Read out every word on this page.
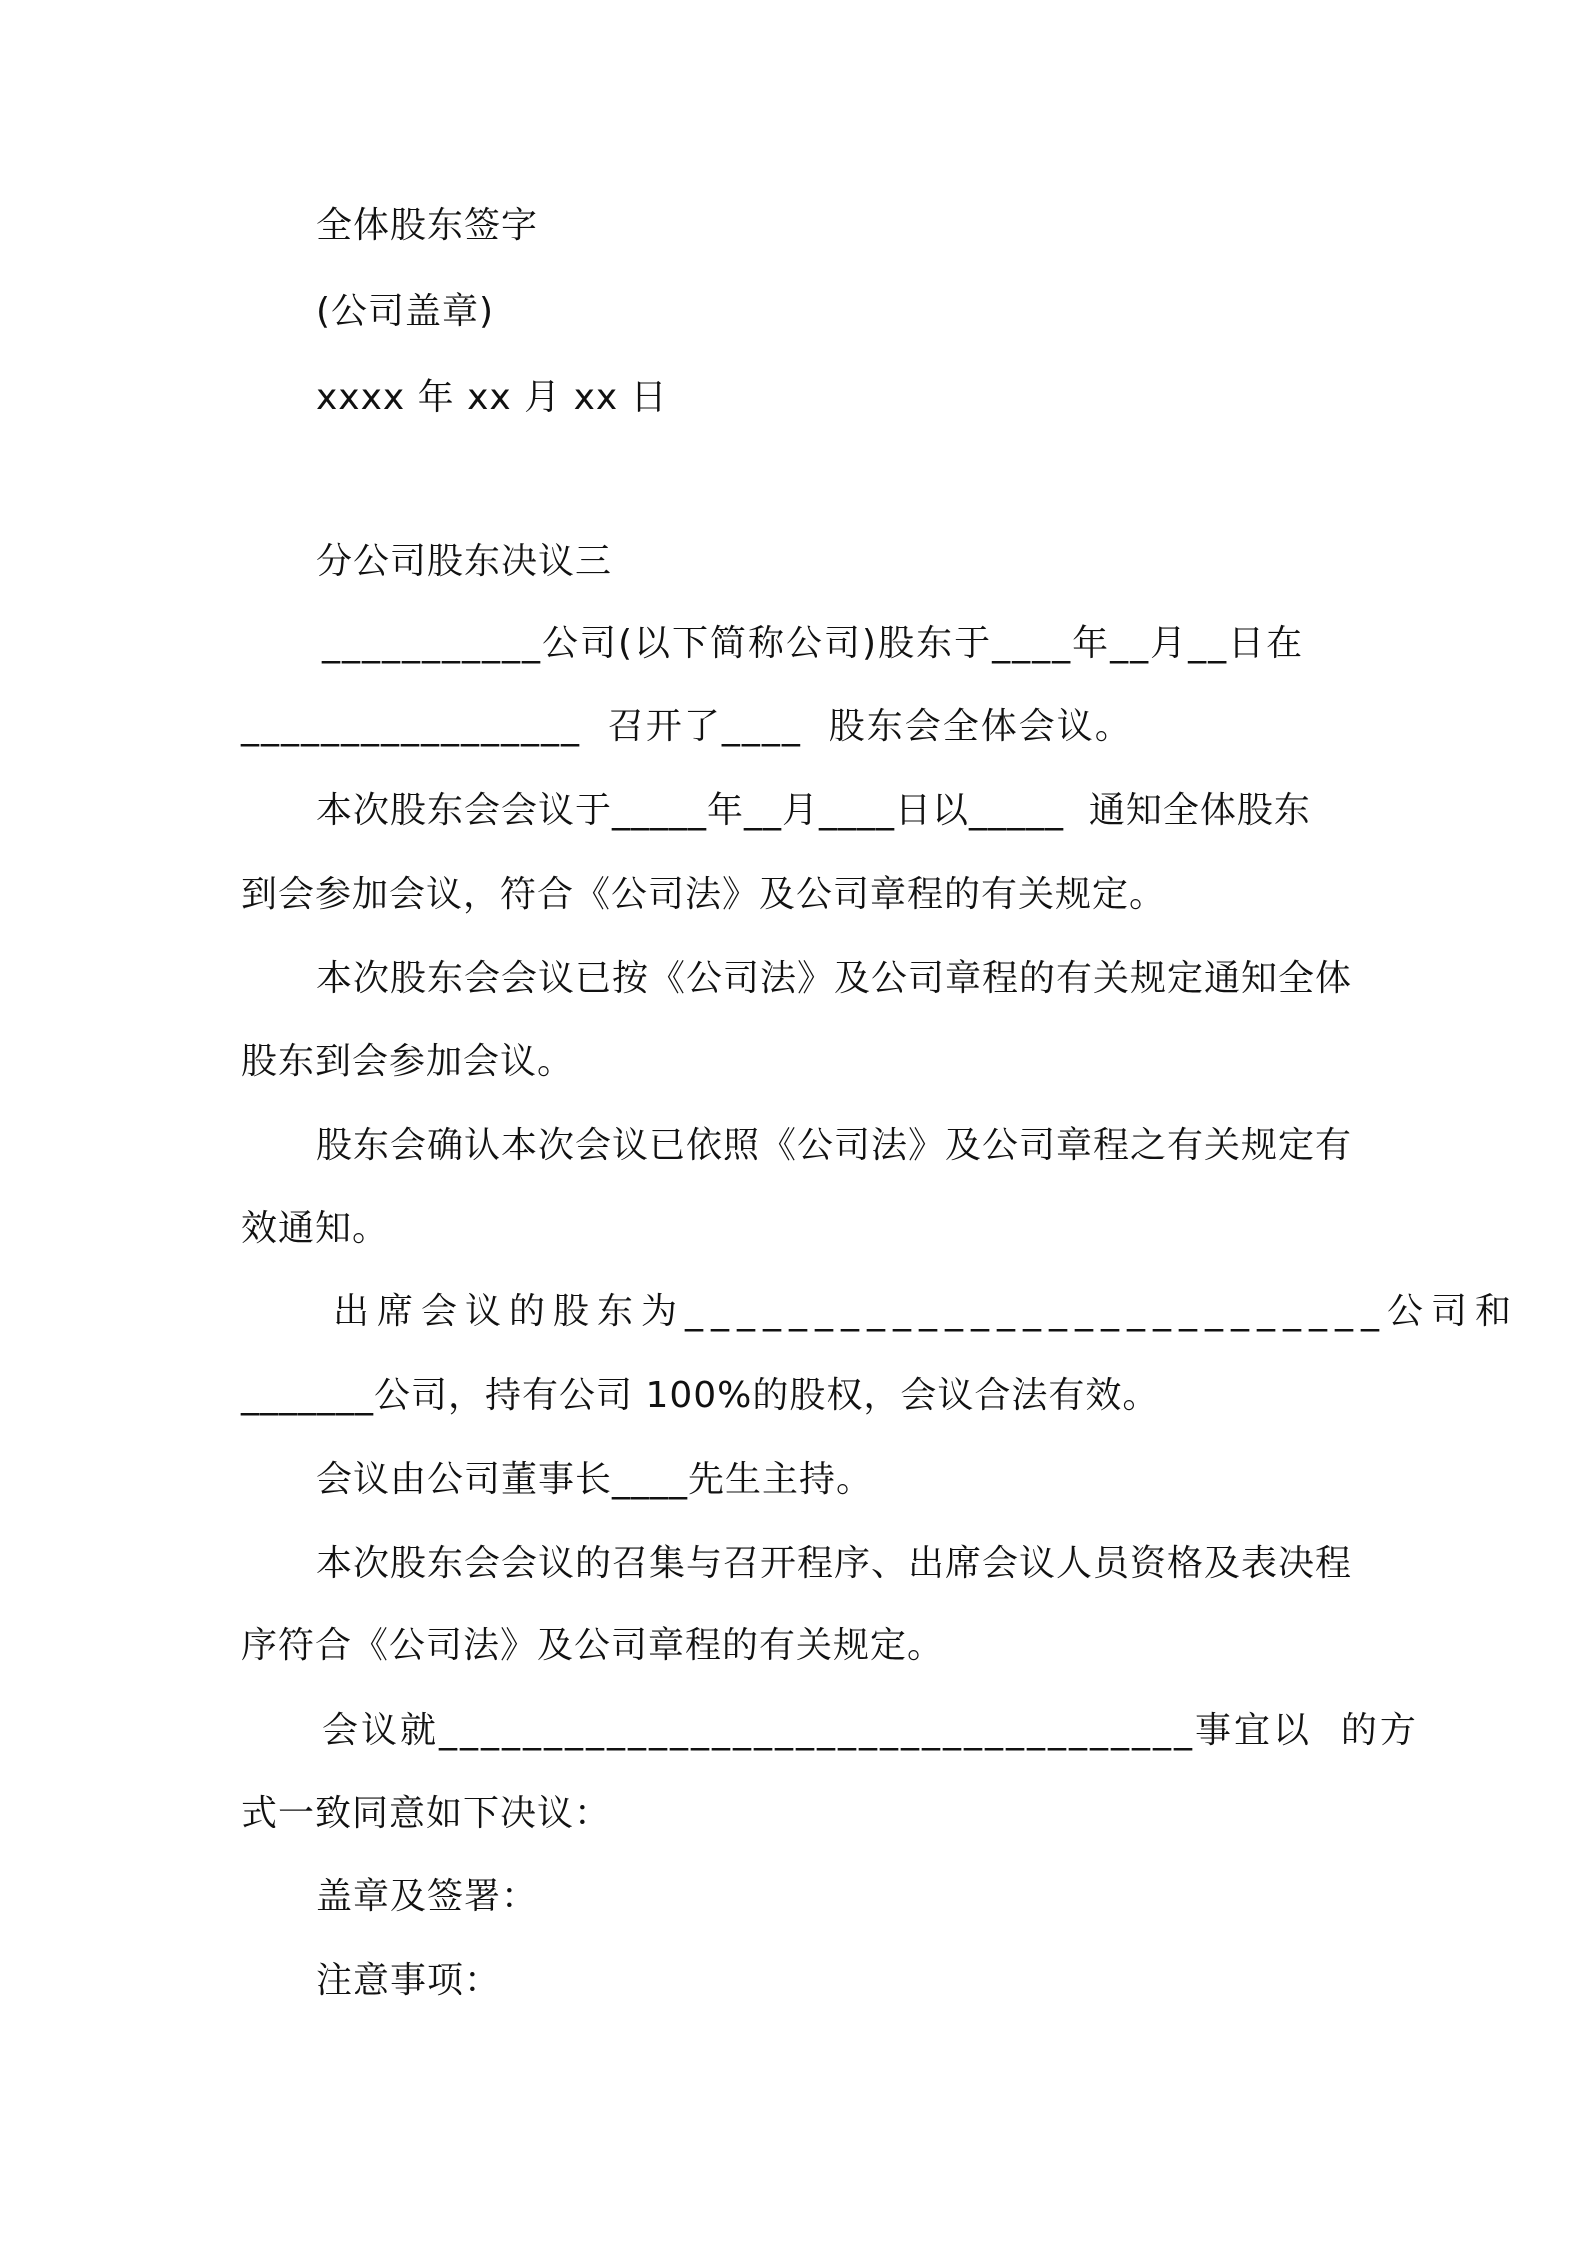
全体股东签字
(公司盖章)
xxxx 年 xx 月 xx 日
分公司股东决议三
___________公司(以下简称公司)股东于____年__月__日在
_________________  召开了____  股东会全体会议。
本次股东会会议于_____年__月____日以_____  通知全体股东
到会参加会议，符合《公司法》及公司章程的有关规定。
本次股东会会议已按《公司法》及公司章程的有关规定通知全体
股东到会参加会议。
股东会确认本次会议已依照《公司法》及公司章程之有关规定有
效通知。
出席会议的股东为___________________________公司和
_______公司，持有公司 100%的股权，会议合法有效。
会议由公司董事长____先生主持。
本次股东会会议的召集与召开程序、出席会议人员资格及表决程
序符合《公司法》及公司章程的有关规定。
会议就____________________________________事宜以  的方
式一致同意如下决议：
盖章及签署：
注意事项：
